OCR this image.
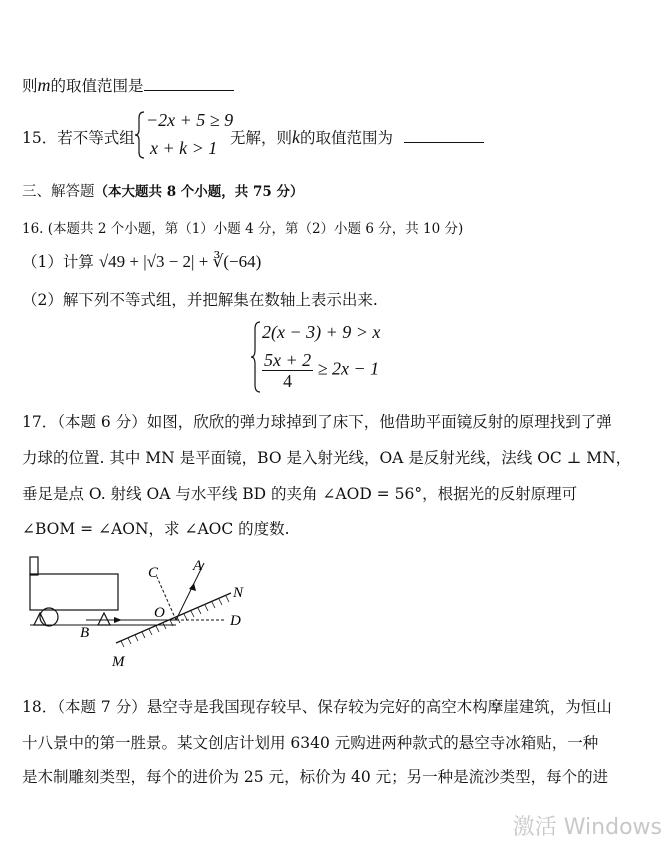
则m的取值范围是
15．若不等式组
−2x + 5 ≥ 9
x + k > 1 无解，则k的取值范围为
三、解答题（本大题共 8 个小题，共 75 分）
16. (本题共 2 个小题，第（1）小题 4 分，第（2）小题 6 分，共 10 分)
（1）计算 √49 + |√3 − 2| + ∛(−64)
（2）解下列不等式组，并把解集在数轴上表示出来.
2(x − 3) + 9 > x
$\frac{5x + 2}{4} \ge 2x - 1$
17．（本题 6 分）如图，欣欣的弹力球掉到了床下，他借助平面镜反射的原理找到了弹
力球的位置. 其中 MN 是平面镜，BO 是入射光线，OA 是反射光线，法线 OC ⊥ MN，
垂足是点 O. 射线 OA 与水平线 BD 的夹角 ∠AOD = 56°，根据光的反射原理可
∠BOM = ∠AON，求 ∠AOC 的度数.
C A
N
O	D
B
M
18．（本题 7 分）悬空寺是我国现存较早、保存较为完好的高空木构摩崖建筑，为恒山
十八景中的第一胜景。某文创店计划用 6340 元购进两种款式的悬空寺冰箱贴，一种
是木制雕刻类型，每个的进价为 25 元，标价为 40 元；另一种是流沙类型，每个的进
激活 Windows
